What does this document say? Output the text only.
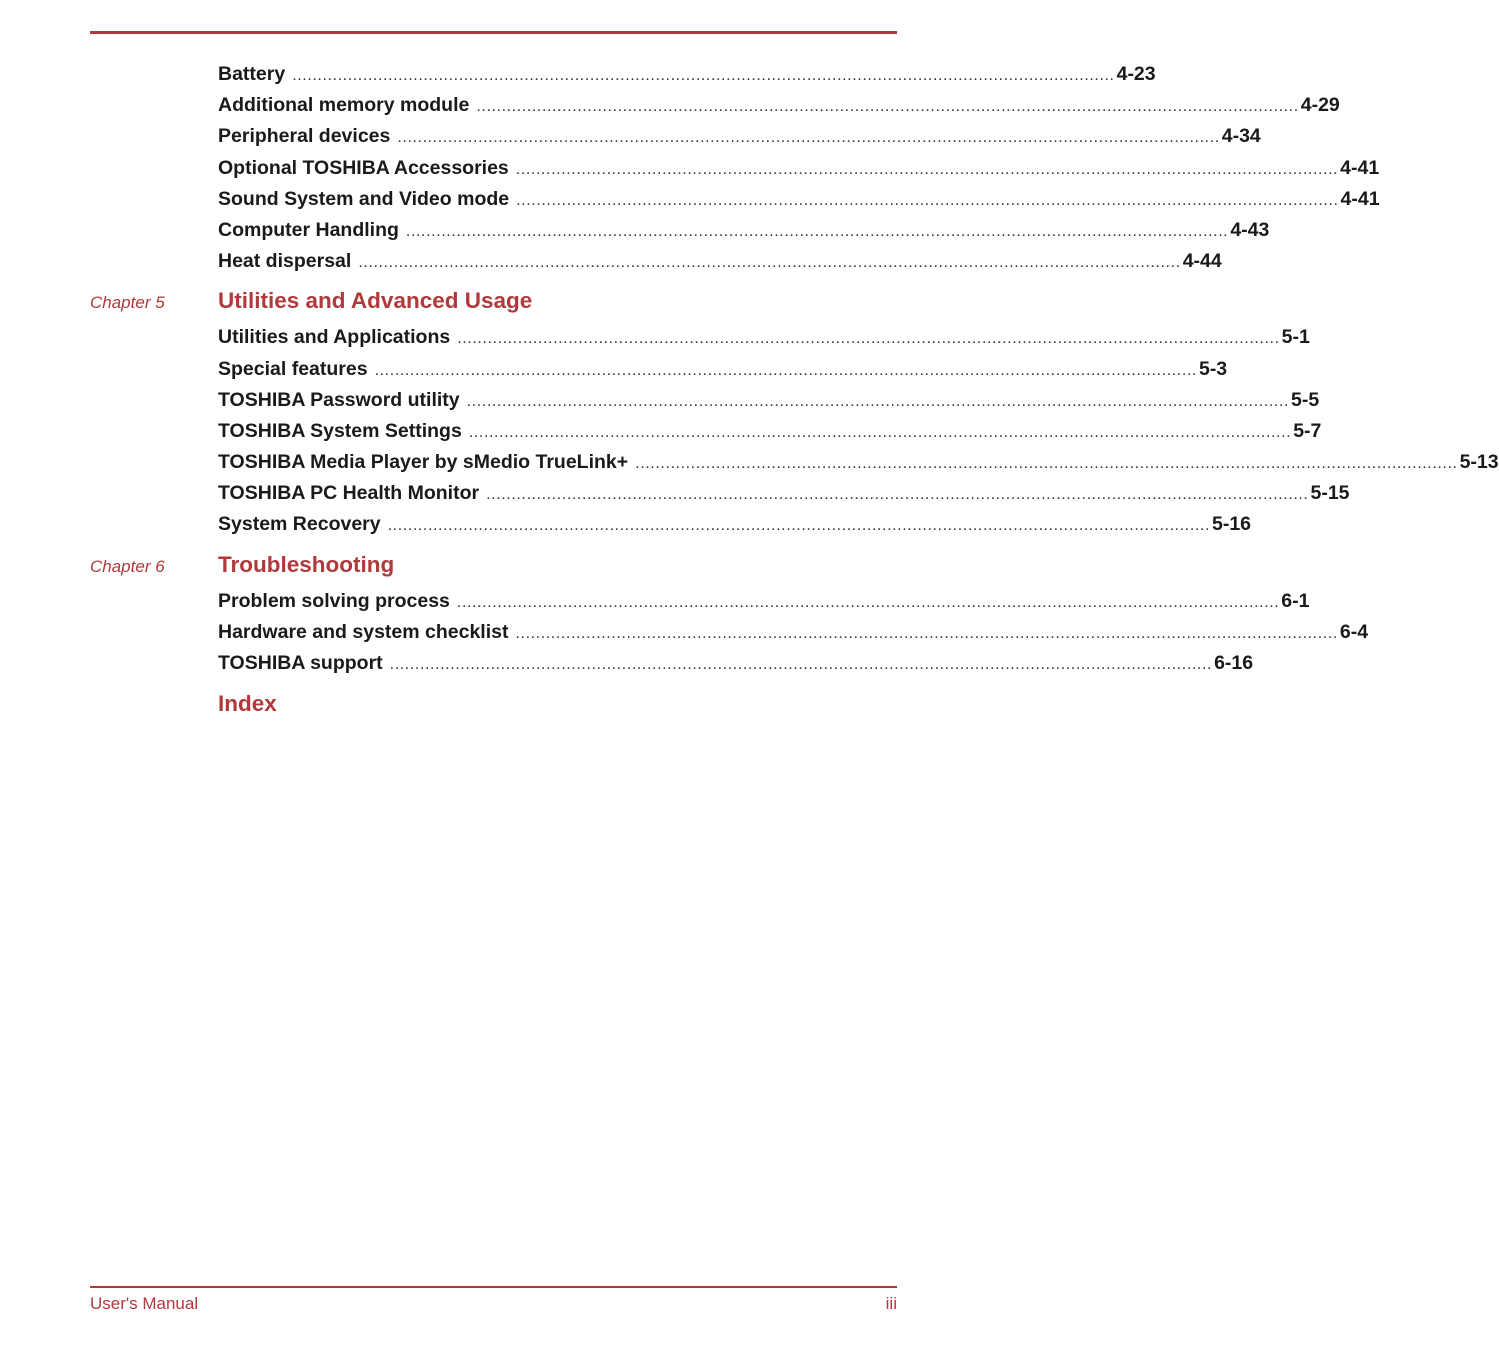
Battery ................................................................................................................................................................... 4-23
Additional memory module ................................................................................................................................................................... 4-29
Peripheral devices ................................................................................................................................................................... 4-34
Optional TOSHIBA Accessories ................................................................................................................................................................... 4-41
Sound System and Video mode ................................................................................................................................................................... 4-41
Computer Handling ................................................................................................................................................................... 4-43
Heat dispersal ................................................................................................................................................................... 4-44
Chapter 5	Utilities and Advanced Usage
Utilities and Applications ................................................................................................................................................................... 5-1
Special features ................................................................................................................................................................... 5-3
TOSHIBA Password utility ................................................................................................................................................................... 5-5
TOSHIBA System Settings ................................................................................................................................................................... 5-7
TOSHIBA Media Player by sMedio TrueLink+ ................................................................................................................................................................... 5-13
TOSHIBA PC Health Monitor ................................................................................................................................................................... 5-15
System Recovery ................................................................................................................................................................... 5-16
Chapter 6	Troubleshooting
Problem solving process ................................................................................................................................................................... 6-1
Hardware and system checklist ................................................................................................................................................................... 6-4
TOSHIBA support ................................................................................................................................................................... 6-16
Index
User's Manual	iii
